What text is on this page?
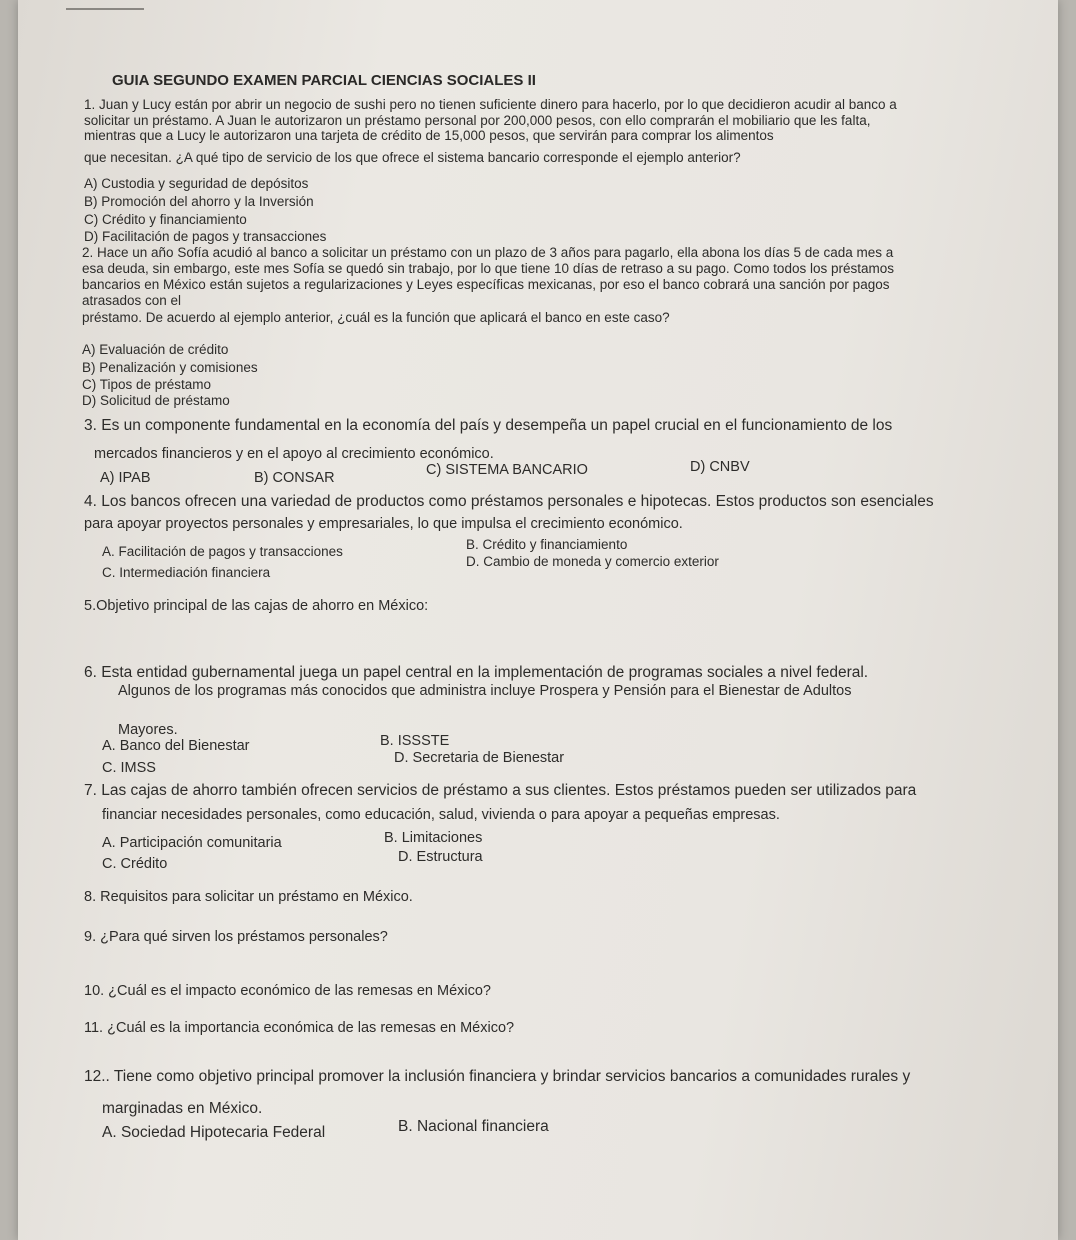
GUIA SEGUNDO EXAMEN PARCIAL CIENCIAS SOCIALES II
1. Juan y Lucy están por abrir un negocio de sushi pero no tienen suficiente dinero para hacerlo, por lo que decidieron acudir al banco a
solicitar un préstamo. A Juan le autorizaron un préstamo personal por 200,000 pesos, con ello comprarán el mobiliario que les falta,
mientras que a Lucy le autorizaron una tarjeta de crédito de 15,000 pesos, que servirán para comprar los alimentos
que necesitan. ¿A qué tipo de servicio de los que ofrece el sistema bancario corresponde el ejemplo anterior?
A) Custodia y seguridad de depósitos
B) Promoción del ahorro y la Inversión
C) Crédito y financiamiento
D) Facilitación de pagos y transacciones
2. Hace un año Sofía acudió al banco a solicitar un préstamo con un plazo de 3 años para pagarlo, ella abona los días 5 de cada mes a
esa deuda, sin embargo, este mes Sofía se quedó sin trabajo, por lo que tiene 10 días de retraso a su pago. Como todos los préstamos
bancarios en México están sujetos a regularizaciones y Leyes específicas mexicanas, por eso el banco cobrará una sanción por pagos
atrasados con el
préstamo. De acuerdo al ejemplo anterior, ¿cuál es la función que aplicará el banco en este caso?
A) Evaluación de crédito
B) Penalización y comisiones
C) Tipos de préstamo
D) Solicitud de préstamo
3. Es un componente fundamental en la economía del país y desempeña un papel crucial en el funcionamiento de los
mercados financieros y en el apoyo al crecimiento económico.
A) IPAB	B) CONSAR	C) SISTEMA BANCARIO	D) CNBV
4. Los bancos ofrecen una variedad de productos como préstamos personales e hipotecas. Estos productos son esenciales
para apoyar proyectos personales y empresariales, lo que impulsa el crecimiento económico.
A. Facilitación de pagos y transacciones	B. Crédito y financiamiento
C. Intermediación financiera
D. Cambio de moneda y comercio exterior
5.Objetivo principal de las cajas de ahorro en México:
6. Esta entidad gubernamental juega un papel central en la implementación de programas sociales a nivel federal.
Algunos de los programas más conocidos que administra incluye Prospera y Pensión para el Bienestar de Adultos
Mayores.
A. Banco del Bienestar	B. ISSSTE
C. IMSS
D. Secretaria de Bienestar
7. Las cajas de ahorro también ofrecen servicios de préstamo a sus clientes. Estos préstamos pueden ser utilizados para
financiar necesidades personales, como educación, salud, vivienda o para apoyar a pequeñas empresas.
A. Participación comunitaria	B. Limitaciones
C. Crédito	D. Estructura
8. Requisitos para solicitar un préstamo en México.
9. ¿Para qué sirven los préstamos personales?
10. ¿Cuál es el impacto económico de las remesas en México?
11. ¿Cuál es la importancia económica de las remesas en México?
12.. Tiene como objetivo principal promover la inclusión financiera y brindar servicios bancarios a comunidades rurales y
marginadas en México.
A. Sociedad Hipotecaria Federal	B. Nacional financiera
